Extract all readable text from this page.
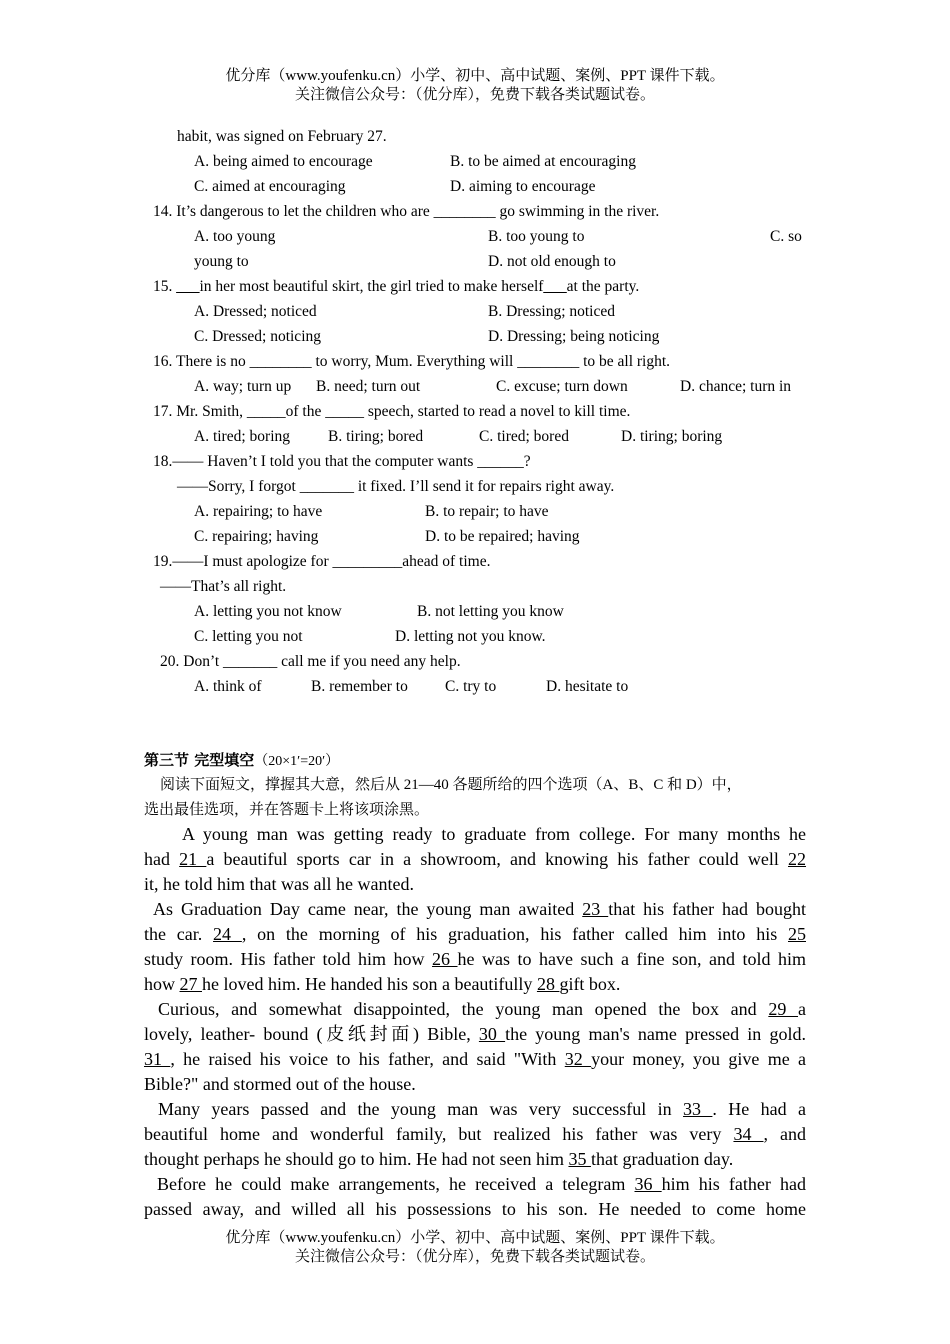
优分库（www.youfenku.cn）小学、初中、高中试题、案例、PPT 课件下载。
关注微信公众号：（优分库），免费下载各类试题试卷。
habit, was signed on February 27.
A. being aimed to encourage	B. to be aimed at encouraging
C. aimed at encouraging	D. aiming to encourage
14. It’s dangerous to let the children who are ________ go swimming in the river.
A. too young	B. too young to	C. so
young to	D. not old enough to
15. ___in her most beautiful skirt, the girl tried to make herself___at the party.
A. Dressed; noticed	B. Dressing; noticed
C. Dressed; noticing	D. Dressing; being noticing
16. There is no ________ to worry, Mum. Everything will ________ to be all right.
A. way; turn up B. need; turn out	C. excuse; turn down	D. chance; turn in
17. Mr. Smith, _____of the _____ speech, started to read a novel to kill time.
A. tired; boring B. tiring; bored	C. tired; bored	D. tiring; boring
18.—— Haven’t I told you that the computer wants ______?
——Sorry, I forgot _______ it fixed. I’ll send it for repairs right away.
A. repairing; to have	B. to repair; to have
C. repairing; having	D. to be repaired; having
19.——I must apologize for _________ahead of time.
——That’s all right.
A. letting you not know	B. not letting you know
C. letting you not	D. letting not you know.
20. Don’t _______ call me if you need any help.
A. think of	B. remember to C. try to	D. hesitate to
第三节 完型填空（20×1′=20′）
阅读下面短文，撑握其大意，然后从 21—40 各题所给的四个选项（A、B、C 和 D）中，
选出最佳选项，并在答题卡上将该项涂黑。
A young man was getting ready to graduate from college. For many months he
had 21 a beautiful sports car in a showroom, and knowing his father could well 22
it, he told him that was all he wanted.
As Graduation Day came near, the young man awaited 23 that his father had bought
the car. 24 , on the morning of his graduation, his father called him into his 25
study room. His father told him how 26 he was to have such a fine son, and told him
how 27 he loved him. He handed his son a beautifully 28 gift box.
Curious, and somewhat disappointed, the young man opened the box and 29 a
lovely, leather- bound (皮纸封面) Bible, 30 the young man's name pressed in gold.
31 , he raised his voice to his father, and said "With 32 your money, you give me a
Bible?" and stormed out of the house.
Many years passed and the young man was very successful in 33 . He had a
beautiful home and wonderful family, but realized his father was very 34 , and
thought perhaps he should go to him. He had not seen him 35 that graduation day.
Before he could make arrangements, he received a telegram 36 him his father had
passed away, and willed all his possessions to his son. He needed to come home
优分库（www.youfenku.cn）小学、初中、高中试题、案例、PPT 课件下载。
关注微信公众号：（优分库），免费下载各类试题试卷。
